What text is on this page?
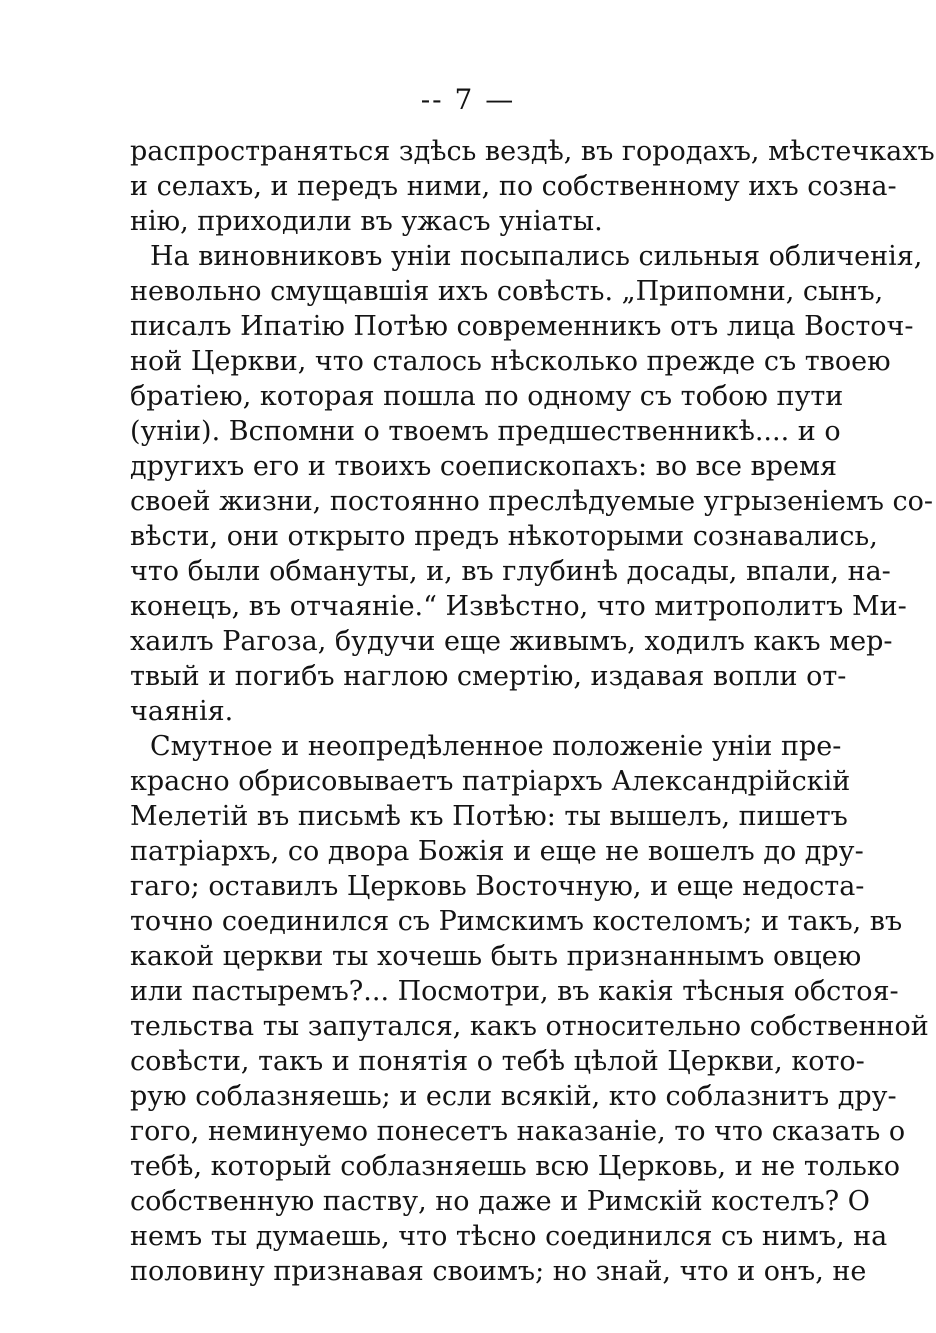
-- 7 —
распространяться здѣсь вездѣ, въ городахъ, мѣстечкахъ
и селахъ, и передъ ними, по собственному ихъ созна-
нію, приходили въ ужасъ уніаты.
На виновниковъ уніи посыпались сильныя обличенія,
невольно смущавшія ихъ совѣсть. „Припомни, сынъ,
писалъ Ипатію Потѣю современникъ отъ лица Восточ-
ной Церкви, что сталось нѣсколько прежде съ твоею
братіею, которая пошла по одному съ тобою пути
(уніи). Вспомни о твоемъ предшественникѣ.... и о
другихъ его и твоихъ соепископахъ: во все время
своей жизни, постоянно преслѣдуемые угрызеніемъ со-
вѣсти, они открыто предъ нѣкоторыми сознавались,
что были обмануты, и, въ глубинѣ досады, впали, на-
конецъ, въ отчаяніе.“ Извѣстно, что митрополитъ Ми-
хаилъ Рагоза, будучи еще живымъ, ходилъ какъ мер-
твый и погибъ наглою смертію, издавая вопли от-
чаянія.
Смутное и неопредѣленное положеніе уніи пре-
красно обрисовываетъ патріархъ Александрійскій
Мелетій въ письмѣ къ Потѣю: ты вышелъ, пишетъ
патріархъ, со двора Божія и еще не вошелъ до дру-
гаго; оставилъ Церковь Восточную, и еще недоста-
точно соединился съ Римскимъ костеломъ; и такъ, въ
какой церкви ты хочешь быть признаннымъ овцею
или пастыремъ?... Посмотри, въ какія тѣсныя обстоя-
тельства ты запутался, какъ относительно собственной
совѣсти, такъ и понятія о тебѣ цѣлой Церкви, кото-
рую соблазняешь; и если всякій, кто соблазнитъ дру-
гого, неминуемо понесетъ наказаніе, то что сказать о
тебѣ, который соблазняешь всю Церковь, и не только
собственную паству, но даже и Римскій костелъ? О
немъ ты думаешь, что тѣсно соединился съ нимъ, на
половину признавая своимъ; но знай, что и онъ, не
